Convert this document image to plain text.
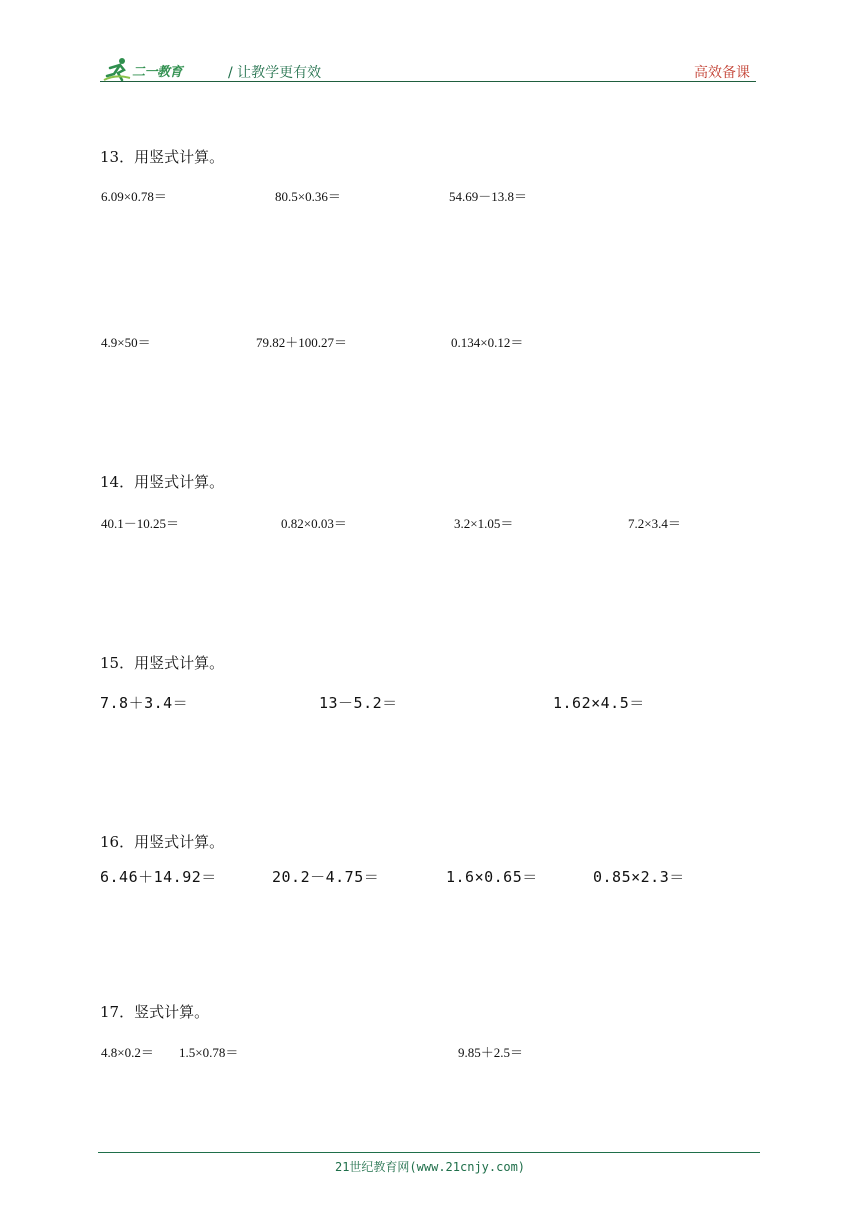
二一教育	/ 让教学更有效	高效备课
13．用竖式计算。
6.09×0.78＝	80.5×0.36＝	54.69－13.8＝
4.9×50＝	79.82＋100.27＝	0.134×0.12＝
14．用竖式计算。
40.1－10.25＝	0.82×0.03＝	3.2×1.05＝	7.2×3.4＝
15．用竖式计算。
7.8＋3.4＝	13－5.2＝	1.62×4.5＝
16．用竖式计算。
6.46＋14.92＝	20.2－4.75＝	1.6×0.65＝	0.85×2.3＝
17．竖式计算。
4.8×0.2＝ 1.5×0.78＝	9.85＋2.5＝
21世纪教育网(www.21cnjy.com)
